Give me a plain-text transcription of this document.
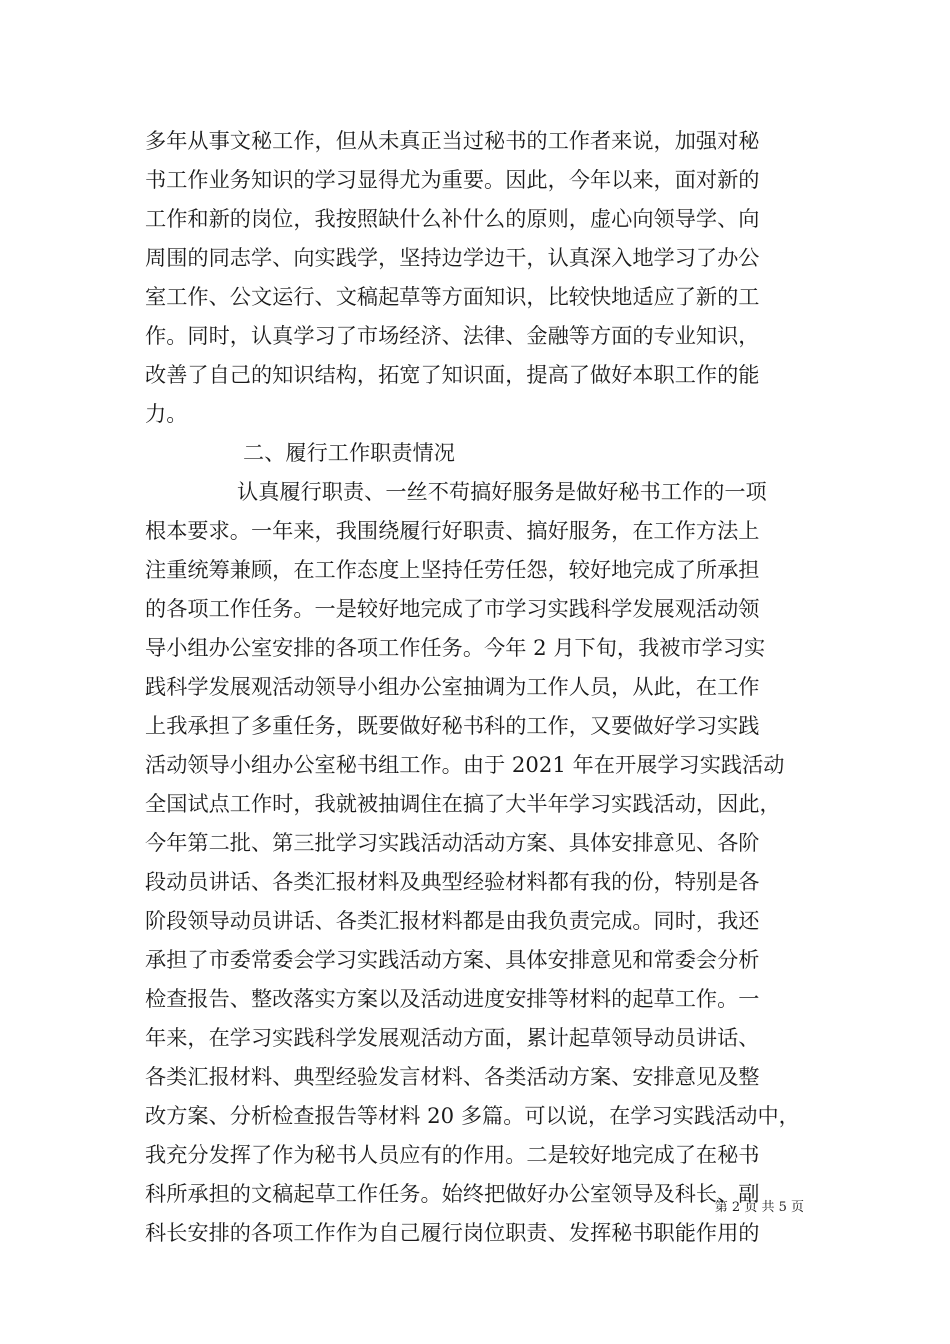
多年从事文秘工作，但从未真正当过秘书的工作者来说，加强对秘
书工作业务知识的学习显得尤为重要。因此，今年以来，面对新的
工作和新的岗位，我按照缺什么补什么的原则，虚心向领导学、向
周围的同志学、向实践学，坚持边学边干，认真深入地学习了办公
室工作、公文运行、文稿起草等方面知识，比较快地适应了新的工
作。同时，认真学习了市场经济、法律、金融等方面的专业知识，
改善了自己的知识结构，拓宽了知识面，提高了做好本职工作的能
力。
二、履行工作职责情况
认真履行职责、一丝不苟搞好服务是做好秘书工作的一项
根本要求。一年来，我围绕履行好职责、搞好服务，在工作方法上
注重统筹兼顾，在工作态度上坚持任劳任怨，较好地完成了所承担
的各项工作任务。一是较好地完成了市学习实践科学发展观活动领
导小组办公室安排的各项工作任务。今年 2 月下旬，我被市学习实
践科学发展观活动领导小组办公室抽调为工作人员，从此，在工作
上我承担了多重任务，既要做好秘书科的工作，又要做好学习实践
活动领导小组办公室秘书组工作。由于 2021 年在开展学习实践活动
全国试点工作时，我就被抽调住在搞了大半年学习实践活动，因此，
今年第二批、第三批学习实践活动活动方案、具体安排意见、各阶
段动员讲话、各类汇报材料及典型经验材料都有我的份，特别是各
阶段领导动员讲话、各类汇报材料都是由我负责完成。同时，我还
承担了市委常委会学习实践活动方案、具体安排意见和常委会分析
检查报告、整改落实方案以及活动进度安排等材料的起草工作。一
年来，在学习实践科学发展观活动方面，累计起草领导动员讲话、
各类汇报材料、典型经验发言材料、各类活动方案、安排意见及整
改方案、分析检查报告等材料 20 多篇。可以说，在学习实践活动中，
我充分发挥了作为秘书人员应有的作用。二是较好地完成了在秘书
科所承担的文稿起草工作任务。始终把做好办公室领导及科长、副
科长安排的各项工作作为自己履行岗位职责、发挥秘书职能作用的
第 2 页 共 5 页
